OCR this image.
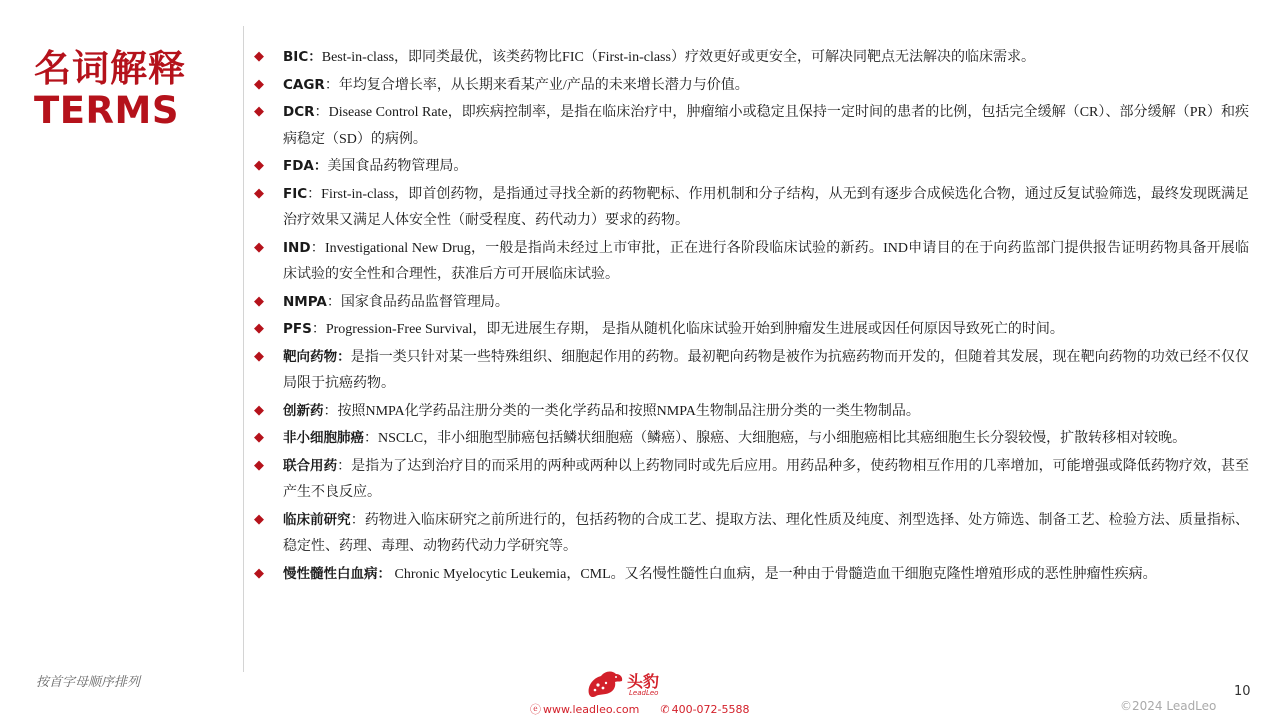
名词解释
TERMS
◆ BIC：Best-in-class，即同类最优，该类药物比FIC（First-in-class）疗效更好或更安全，可解决同靶点无法解决的临床需求。
◆ CAGR：年均复合增长率，从长期来看某产业/产品的未来增长潜力与价值。
◆ DCR：Disease Control Rate，即疾病控制率，是指在临床治疗中，肿瘤缩小或稳定且保持一定时间的患者的比例，包括完全缓解（CR）、部分缓解（PR）和疾病稳定（SD）的病例。
◆ FDA：美国食品药物管理局。
◆ FIC：First-in-class，即首创药物，是指通过寻找全新的药物靶标、作用机制和分子结构，从无到有逐步合成候选化合物，通过反复试验筛选，最终发现既满足治疗效果又满足人体安全性（耐受程度、药代动力）要求的药物。
◆ IND：Investigational New Drug，一般是指尚未经过上市审批，正在进行各阶段临床试验的新药。IND申请目的在于向药监部门提供报告证明药物具备开展临床试验的安全性和合理性，获准后方可开展临床试验。
◆ NMPA：国家食品药品监督管理局。
◆ PFS：Progression-Free Survival，即无进展生存期， 是指从随机化临床试验开始到肿瘤发生进展或因任何原因导致死亡的时间。
◆ 靶向药物：是指一类只针对某一些特殊组织、细胞起作用的药物。最初靶向药物是被作为抗癌药物而开发的，但随着其发展，现在靶向药物的功效已经不仅仅局限于抗癌药物。
◆ 创新药：按照NMPA化学药品注册分类的一类化学药品和按照NMPA生物制品注册分类的一类生物制品。
◆ 非小细胞肺癌：NSCLC，非小细胞型肺癌包括鳞状细胞癌（鳞癌）、腺癌、大细胞癌，与小细胞癌相比其癌细胞生长分裂较慢，扩散转移相对较晚。
◆ 联合用药：是指为了达到治疗目的而采用的两种或两种以上药物同时或先后应用。用药品种多，使药物相互作用的几率增加，可能增强或降低药物疗效，甚至产生不良反应。
◆ 临床前研究：药物进入临床研究之前所进行的，包括药物的合成工艺、提取方法、理化性质及纯度、剂型选择、处方筛选、制备工艺、检验方法、质量指标、稳定性、药理、毒理、动物药代动力学研究等。
◆ 慢性髓性白血病： Chronic Myelocytic Leukemia，CML。又名慢性髓性白血病，是一种由于骨髓造血干细胞克隆性增殖形成的恶性肿瘤性疾病。
按首字母顺序排列	头豹
LeadLeo
ⓔ www.leadleo.com ✆ 400-072-5588
10
©2024 LeadLeo
